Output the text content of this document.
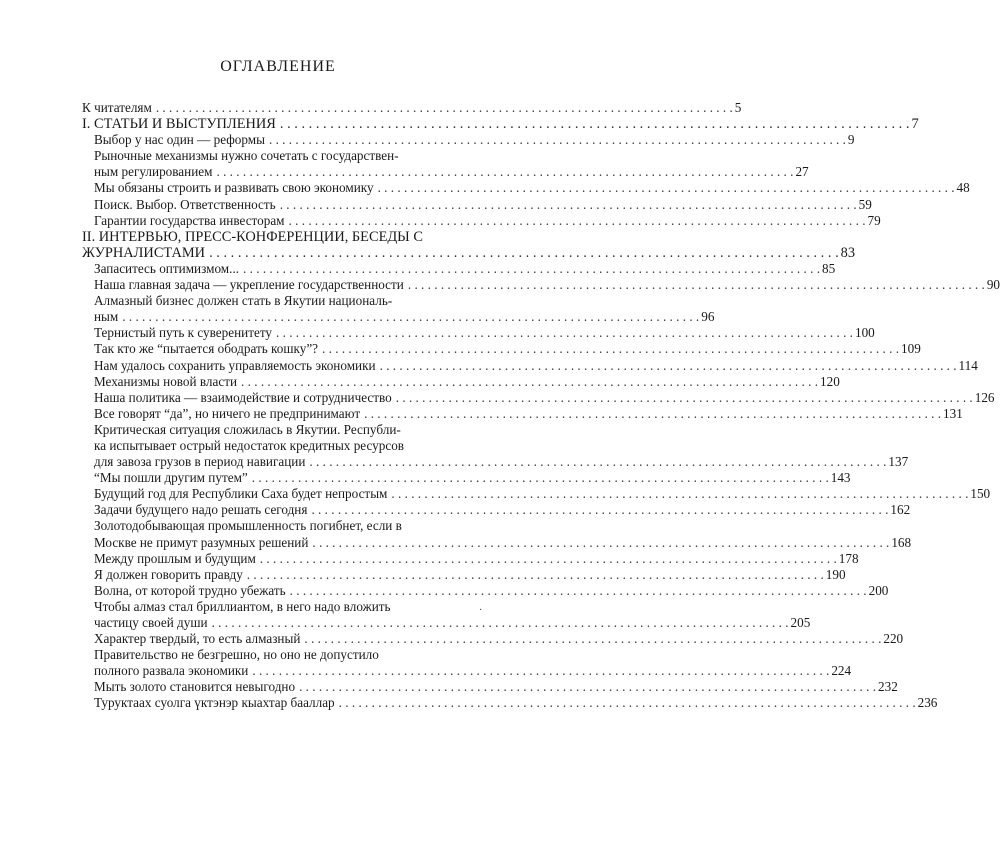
ОГЛАВЛЕНИЕ
К читателям . . .	5
I. СТАТЬИ И ВЫСТУПЛЕНИЯ . . .	7
Выбор у нас один — реформы . . .	9
Рыночные механизмы нужно сочетать с государствен-
ным регулированием . . .	27
Мы обязаны строить и развивать свою экономику . . .	48
Поиск. Выбор. Ответственность . . .	59
Гарантии государства инвесторам . . .	79
II. ИНТЕРВЬЮ, ПРЕСС-КОНФЕРЕНЦИИ, БЕСЕДЫ С
ЖУРНАЛИСТАМИ . . .	83
Запаситесь оптимизмом... . . .	85
Наша главная задача — укрепление государственности . . .	90
Алмазный бизнес должен стать в Якутии националь-
ным . . .	96
Тернистый путь к суверенитету . . .	100
Так кто же “пытается ободрать кошку”? . . .	109
Нам удалось сохранить управляемость экономики . . .	114
Механизмы новой власти . . .	120
Наша политика — взаимодействие и сотрудничество . . .	126
Все говорят “да”, но ничего не предпринимают . . .	131
Критическая ситуация сложилась в Якутии. Республи-
ка испытывает острый недостаток кредитных ресурсов
для завоза грузов в период навигации . . .	137
“Мы пошли другим путем” . . .	143
Будущий год для Республики Саха будет непростым . . .	150
Задачи будущего надо решать сегодня . . .	162
Золотодобывающая промышленность погибнет, если в
Москве не примут разумных решений . . .	168
Между прошлым и будущим . . .	178
Я должен говорить правду . . .	190
Волна, от которой трудно убежать . . .	200
Чтобы алмаз стал бриллиантом, в него надо вложить
частицу своей души . . .	205
Характер твердый, то есть алмазный . . .	220
Правительство не безгрешно, но оно не допустило
полного развала экономики . . .	224
Мыть золото становится невыгодно . . .	232
Туруктаах суолга үктэнэр кыахтар бааллар . . .	236
·
